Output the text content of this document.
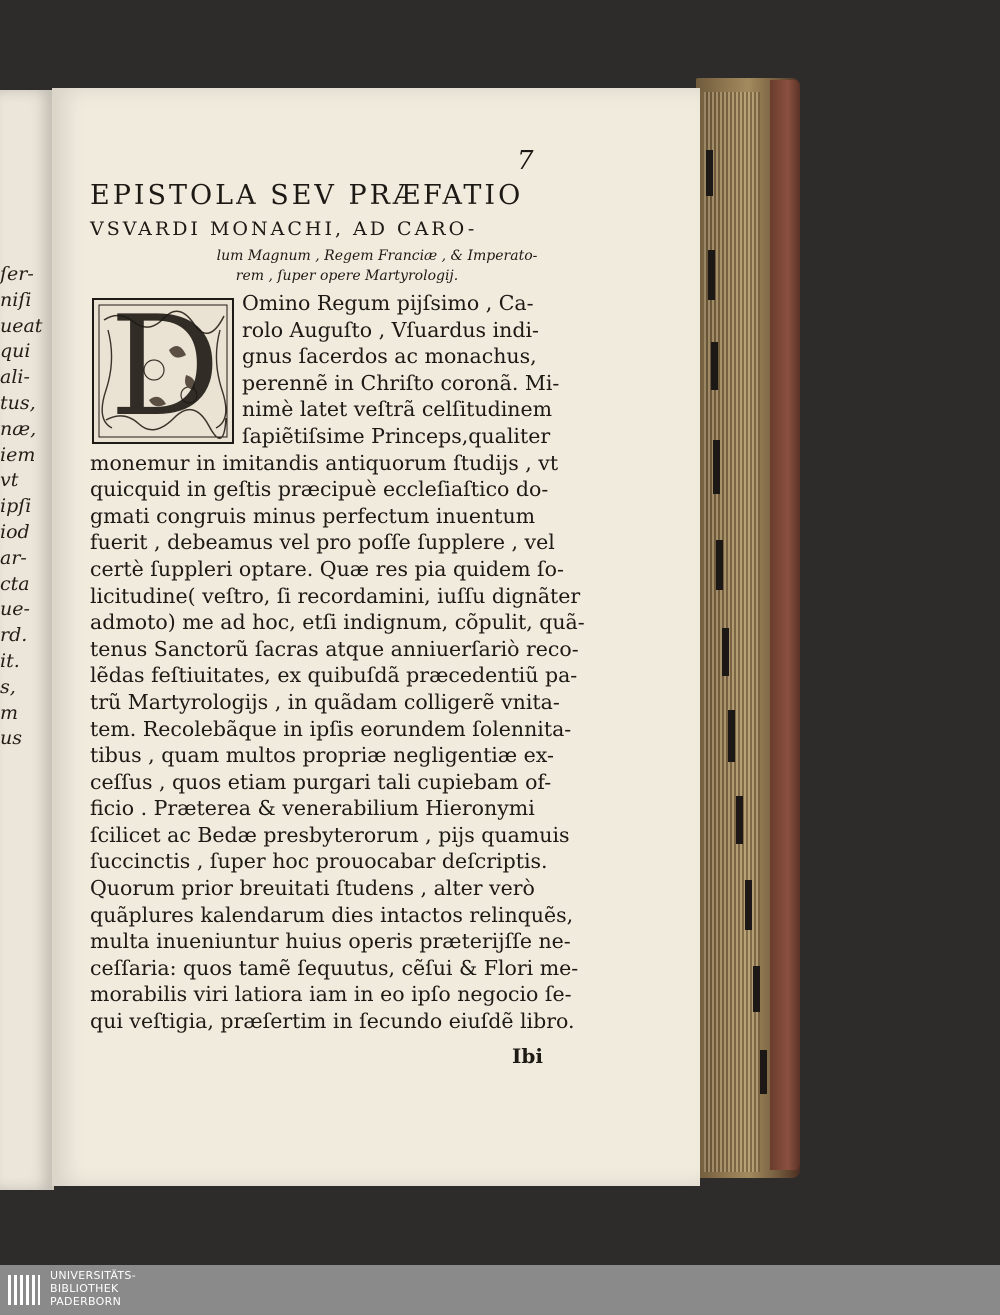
ſer-
niſi
ueat
qui
ali-
tus,
næ,
iem
vt
ipſi
iod
ar-
cta
ue-
rd.
it.
s,
m
us
7
EPISTOLA SEV PRÆFATIO
VSVARDI MONACHI, AD CARO-
lum Magnum , Regem Franciæ , & Imperato-
rem , ſuper opere Martyrologij.
D	Omino Regum pijſsimo , Ca-
rolo Auguſto , Vſuardus indi-
gnus ſacerdos ac monachus,
perennẽ in Chriſto coronã. Mi-
nimè latet veſtrã celſitudinem
ſapiẽtiſsime Princeps,qualiter
monemur in imitandis antiquorum ſtudijs , vt
quicquid in geſtis præcipuè eccleſiaſtico do-
gmati congruis minus perfectum inuentum
fuerit , debeamus vel pro poſſe ſupplere , vel
certè ſuppleri optare. Quæ res pia quidem ſo-
licitudine( veſtro, ſi recordamini, iuſſu dignãter
admoto) me ad hoc, etſi indignum, cõpulit, quã-
tenus Sanctorũ ſacras atque anniuerſariò reco-
lẽdas feſtiuitates, ex quibuſdã præcedentiũ pa-
trũ Martyrologijs , in quãdam colligerẽ vnita-
tem. Recolebãque in ipſis eorundem ſolennita-
tibus , quam multos propriæ negligentiæ ex-
ceſſus , quos etiam purgari tali cupiebam of-
ficio . Præterea & venerabilium Hieronymi
ſcilicet ac Bedæ presbyterorum , pijs quamuis
ſuccinctis , ſuper hoc prouocabar deſcriptis.
Quorum prior breuitati ſtudens , alter verò
quãplures kalendarum dies intactos relinquẽs,
multa inueniuntur huius operis præterijſſe ne-
ceſſaria: quos tamẽ ſequutus, cẽſui & Flori me-
morabilis viri latiora iam in eo ipſo negocio ſe-
qui veſtigia, præſertim in ſecundo eiuſdẽ libro.
Ibi
UNIVERSITÄTS-
BIBLIOTHEK
PADERBORN
